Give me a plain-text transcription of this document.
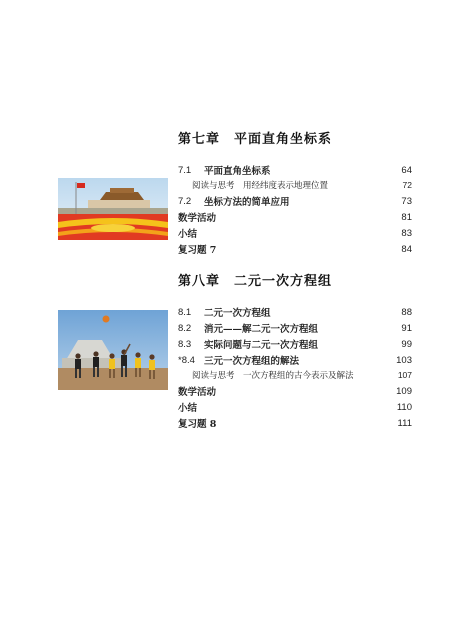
第七章　平面直角坐标系
7.1	平面直角坐标系	64
阅读与思考　用经纬度表示地理位置	72
7.2	坐标方法的简单应用	73
数学活动	81
小结	83
复习题 7	84
第八章　二元一次方程组
8.1	二元一次方程组	88
8.2	消元——解二元一次方程组	91
8.3	实际问题与二元一次方程组	99
*8.4 三元一次方程组的解法	103
阅读与思考　一次方程组的古今表示及解法	107
数学活动	109
小结	110
复习题 8	111
